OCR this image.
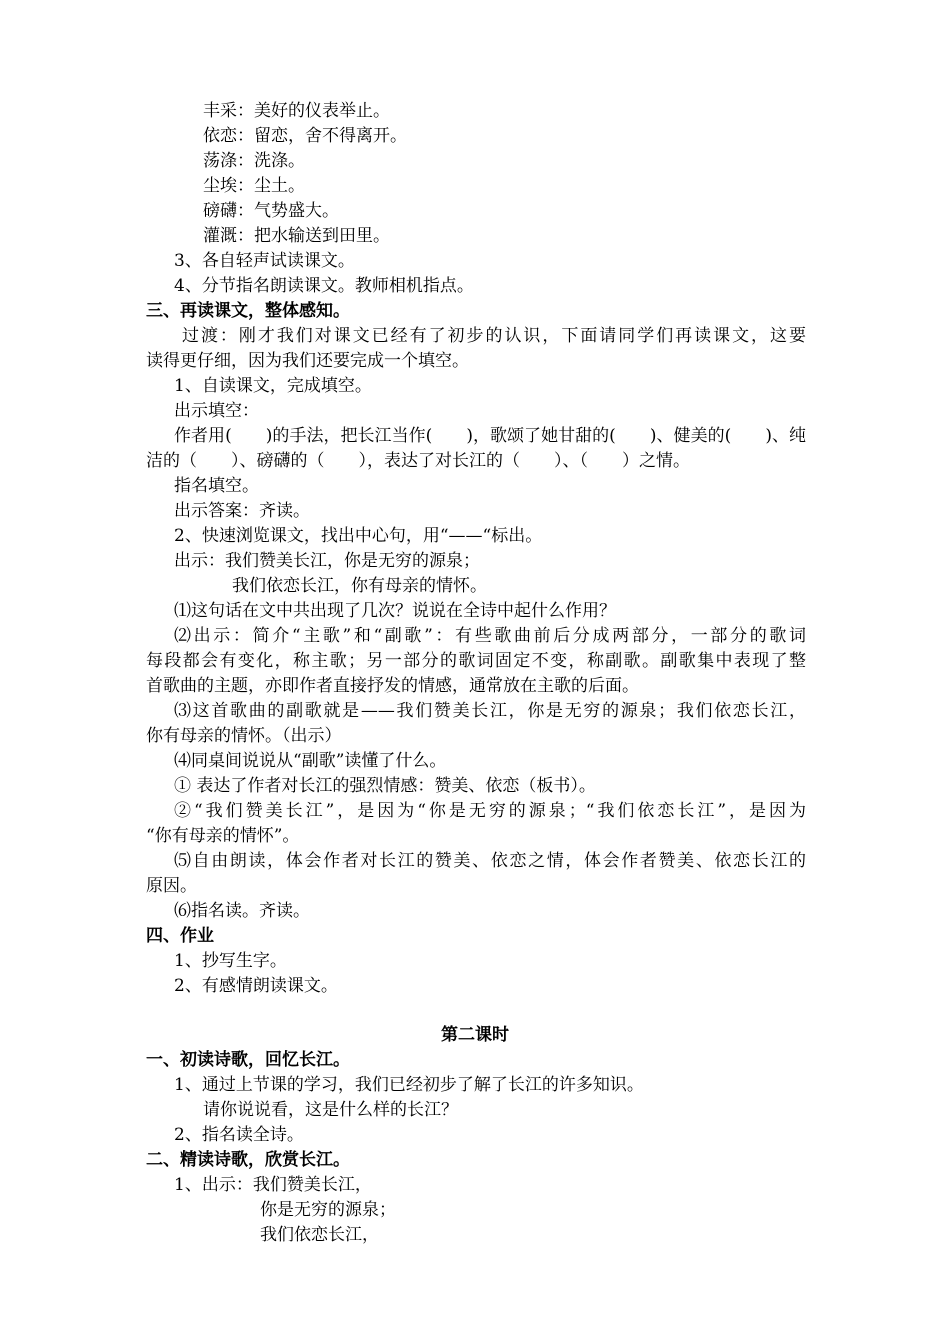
丰采：美好的仪表举止。
依恋：留恋，舍不得离开。
荡涤：洗涤。
尘埃：尘土。
磅礴：气势盛大。
灌溉：把水输送到田里。
3、各自轻声试读课文。
4、分节指名朗读课文。教师相机指点。
三、再读课文，整体感知。
过渡：刚才我们对课文已经有了初步的认识，下面请同学们再读课文，这要
读得更仔细，因为我们还要完成一个填空。
1、自读课文，完成填空。
出示填空：
作者用(　　)的手法，把长江当作(　　)，歌颂了她甘甜的(　　)、健美的(　　)、纯
洁的（　　）、磅礴的（　　），表达了对长江的（　　）、（　　）之情。
指名填空。
出示答案：齐读。
2、快速浏览课文，找出中心句，用“——“标出。
出示：我们赞美长江，你是无穷的源泉；
我们依恋长江，你有母亲的情怀。
⑴这句话在文中共出现了几次？说说在全诗中起什么作用？
⑵出示：简介“主歌”和“副歌”：有些歌曲前后分成两部分，一部分的歌词
每段都会有变化，称主歌；另一部分的歌词固定不变，称副歌。副歌集中表现了整
首歌曲的主题，亦即作者直接抒发的情感，通常放在主歌的后面。
⑶这首歌曲的副歌就是——我们赞美长江，你是无穷的源泉；我们依恋长江，
你有母亲的情怀。（出示）
⑷同桌间说说从“副歌”读懂了什么。
① 表达了作者对长江的强烈情感：赞美、依恋（板书）。
②“我们赞美长江”，是因为“你是无穷的源泉；“我们依恋长江”，是因为
“你有母亲的情怀”。
⑸自由朗读，体会作者对长江的赞美、依恋之情，体会作者赞美、依恋长江的
原因。
⑹指名读。齐读。
四、作业
1、抄写生字。
2、有感情朗读课文。
第二课时
一、初读诗歌，回忆长江。
1、通过上节课的学习，我们已经初步了解了长江的许多知识。
请你说说看，这是什么样的长江？
2、指名读全诗。
二、精读诗歌，欣赏长江。
1、出示：我们赞美长江，
你是无穷的源泉；
我们依恋长江，
